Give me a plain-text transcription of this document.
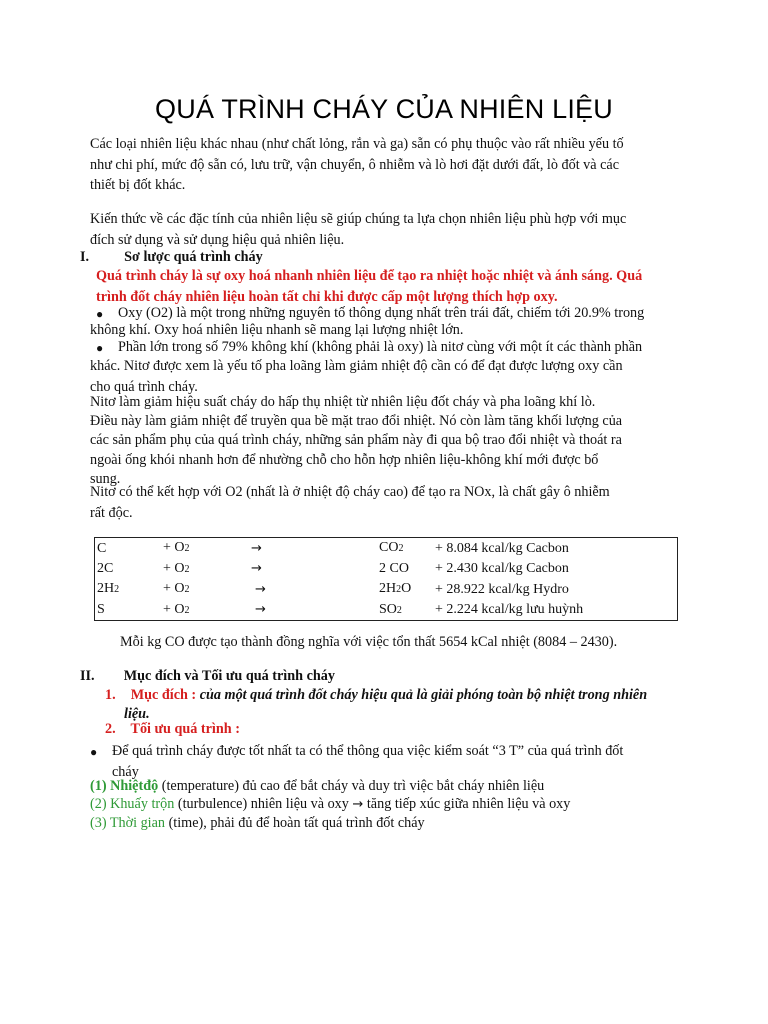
QUÁ TRÌNH CHÁY CỦA NHIÊN LIỆU
Các loại nhiên liệu khác nhau (như chất lỏng, rắn và ga) sẵn có phụ thuộc vào rất nhiều yếu tố
như chi phí, mức độ sẵn có, lưu trữ, vận chuyển, ô nhiễm và lò hơi đặt dưới đất, lò đốt và các
thiết bị đốt khác.
Kiến thức về các đặc tính của nhiên liệu sẽ giúp chúng ta lựa chọn nhiên liệu phù hợp với mục
đích sử dụng và sử dụng hiệu quả nhiên liệu.
I. Sơ lược quá trình cháy
Quá trình cháy là sự oxy hoá nhanh nhiên liệu để tạo ra nhiệt hoặc nhiệt và ánh sáng. Quá
trình đốt cháy nhiên liệu hoàn tất chỉ khi được cấp một lượng thích hợp oxy.
● Oxy (O2) là một trong những nguyên tố thông dụng nhất trên trái đất, chiếm tới 20.9% trong
không khí. Oxy hoá nhiên liệu nhanh sẽ mang lại lượng nhiệt lớn.
● Phần lớn trong số 79% không khí (không phải là oxy) là nitơ cùng với một ít các thành phần
khác. Nitơ được xem là yếu tố pha loãng làm giảm nhiệt độ cần có để đạt được lượng oxy cần
cho quá trình cháy.
Nitơ làm giảm hiệu suất cháy do hấp thụ nhiệt từ nhiên liệu đốt cháy và pha loãng khí lò.
Điều này làm giảm nhiệt để truyền qua bề mặt trao đổi nhiệt. Nó còn làm tăng khối lượng của
các sản phẩm phụ của quá trình cháy, những sản phẩm này đi qua bộ trao đổi nhiệt và thoát ra
ngoài ống khói nhanh hơn để nhường chỗ cho hỗn hợp nhiên liệu-không khí mới được bổ
sung.
Nitơ có thể kết hợp với O2 (nhất là ở nhiệt độ cháy cao) để tạo ra NOx, là chất gây ô nhiễm
rất độc.
	C	+ O2	→	CO2	+ 8.084 kcal/kg Cacbon
	2C	+ O2	→	2 CO	+ 2.430 kcal/kg Cacbon
	2H2	+ O2	→	2H2O	+ 28.922 kcal/kg Hydro
	S	+ O2	→	SO2	+ 2.224 kcal/kg lưu huỳnh
Mỗi kg CO được tạo thành đồng nghĩa với việc tổn thất 5654 kCal nhiệt (8084 – 2430).
II. Mục đích và Tối ưu quá trình cháy
1. Mục đích : của một quá trình đốt cháy hiệu quả là giải phóng toàn bộ nhiệt trong nhiên
liệu.
2. Tối ưu quá trình :
● Để quá trình cháy được tốt nhất ta có thể thông qua việc kiểm soát “3 T” của quá trình đốt
cháy
(1) Nhiệtđộ (temperature) đủ cao để bắt cháy và duy trì việc bắt cháy nhiên liệu
(2) Khuấy trộn (turbulence) nhiên liệu và oxy → tăng tiếp xúc giữa nhiên liệu và oxy
(3) Thời gian (time), phải đủ để hoàn tất quá trình đốt cháy
